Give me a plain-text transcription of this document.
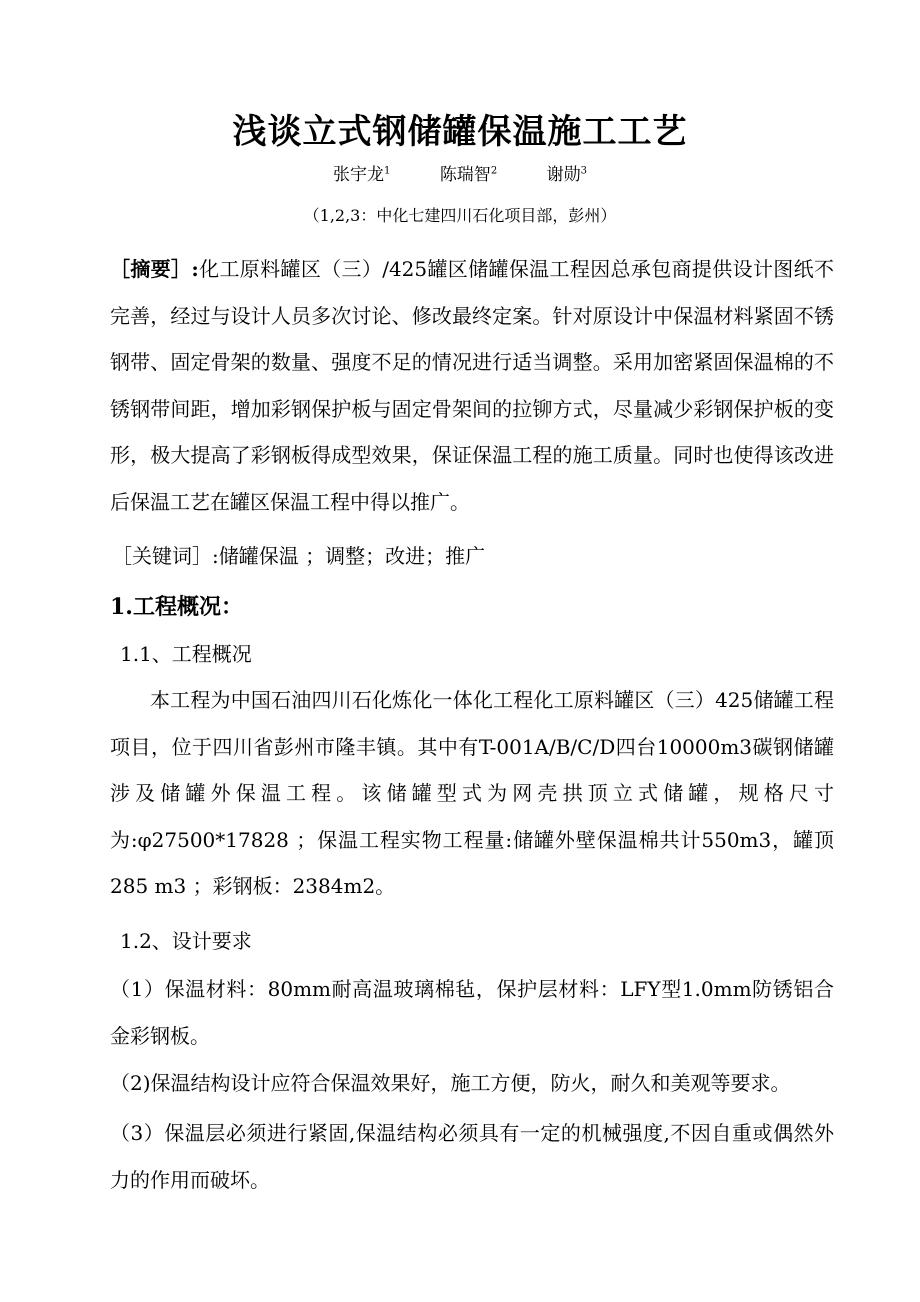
浅谈立式钢储罐保温施工工艺
张宇龙$^1$	陈瑞智$^2$	谢勋$^3$
（1,2,3：中化七建四川石化项目部，彭州）
［摘要］:化工原料罐区（三）/425罐区储罐保温工程因总承包商提供设计图纸不完善，经过与设计人员多次讨论、修改最终定案。针对原设计中保温材料紧固不锈钢带、固定骨架的数量、强度不足的情况进行适当调整。采用加密紧固保温棉的不锈钢带间距，增加彩钢保护板与固定骨架间的拉铆方式，尽量减少彩钢保护板的变形，极大提高了彩钢板得成型效果，保证保温工程的施工质量。同时也使得该改进后保温工艺在罐区保温工程中得以推广。
［关键词］:储罐保温 ；调整；改进；推广
1.工程概况：
1.1、工程概况
本工程为中国石油四川石化炼化一体化工程化工原料罐区（三）425储罐工程项目，位于四川省彭州市隆丰镇。其中有T-001A/B/C/D四台10000m3碳钢储罐涉及储罐外保温工程。该储罐型式为网壳拱顶立式储罐，规格尺寸为:φ27500*17828 ；保温工程实物工程量:储罐外壁保温棉共计550m3，罐顶285 m3 ；彩钢板：2384m2。
1.2、设计要求
（1）保温材料：80mm耐高温玻璃棉毡，保护层材料：LFY型1.0mm防锈铝合金彩钢板。
（2)保温结构设计应符合保温效果好，施工方便，防火，耐久和美观等要求。
（3）保温层必须进行紧固,保温结构必须具有一定的机械强度,不因自重或偶然外力的作用而破坏。
